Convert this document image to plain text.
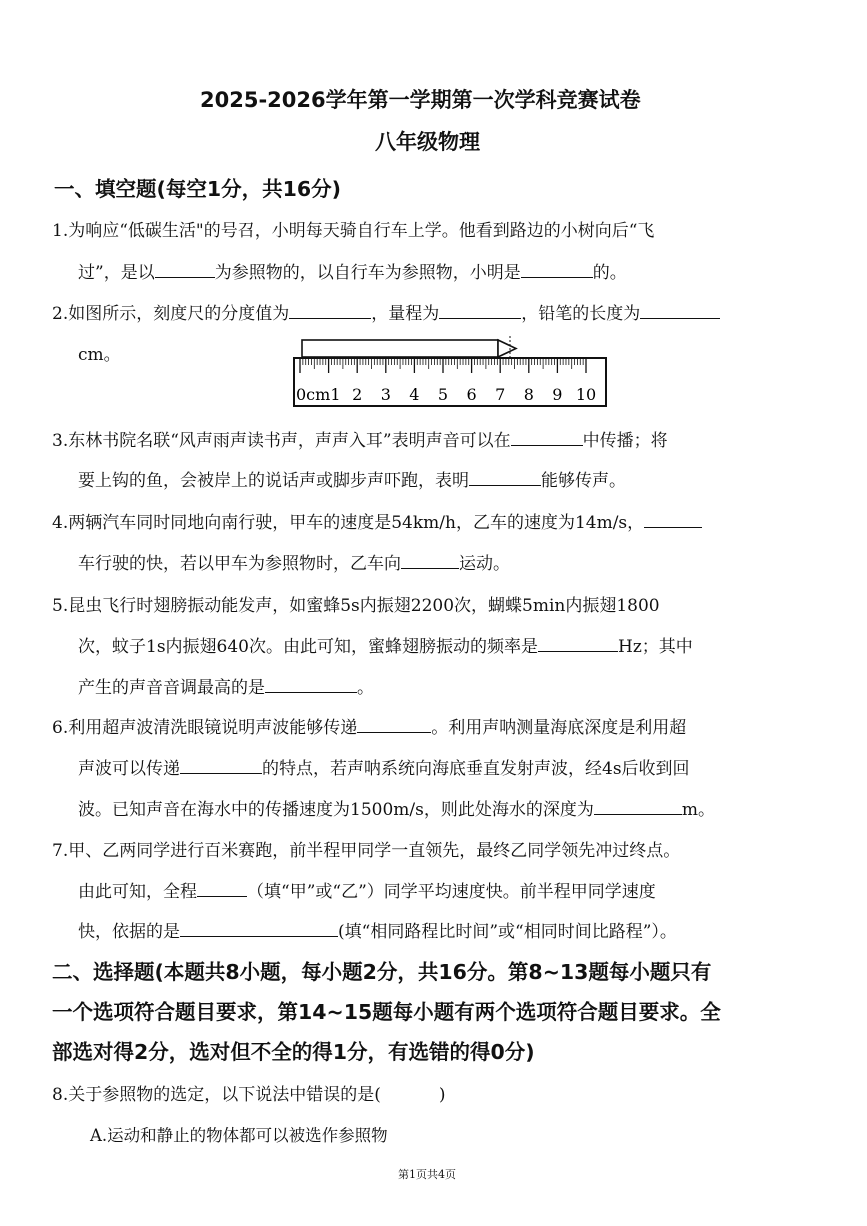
2025-2026学年第一学期第一次学科竞赛试卷
八年级物理
一、填空题(每空1分，共16分)
1.为响应“低碳生活"的号召，小明每天骑自行车上学。他看到路边的小树向后“飞
过”，是以	为参照物的，以自行车为参照物，小明是	的。
2.如图所示，刻度尺的分度值为	，量程为	，铅笔的长度为
cm。
0cm1 2 3 4 5 6 7 8 9 10
3.东林书院名联“风声雨声读书声，声声入耳”表明声音可以在	中传播；将
要上钩的鱼，会被岸上的说话声或脚步声吓跑，表明	能够传声。
4.两辆汽车同时同地向南行驶，甲车的速度是54km/h，乙车的速度为14m/s，
车行驶的快，若以甲车为参照物时，乙车向	运动。
5.昆虫飞行时翅膀振动能发声，如蜜蜂5s内振翅2200次，蝴蝶5min内振翅1800
次，蚊子1s内振翅640次。由此可知，蜜蜂翅膀振动的频率是	Hz；其中
产生的声音音调最高的是	。
6.利用超声波清洗眼镜说明声波能够传递	。利用声呐测量海底深度是利用超
声波可以传递	的特点，若声呐系统向海底垂直发射声波，经4s后收到回
波。已知声音在海水中的传播速度为1500m/s，则此处海水的深度为	m。
7.甲、乙两同学进行百米赛跑，前半程甲同学一直领先，最终乙同学领先冲过终点。
由此可知，全程	（填“甲”或“乙”）同学平均速度快。前半程甲同学速度
快，依据的是	(填“相同路程比时间”或“相同时间比路程”）。
二、选择题(本题共8小题，每小题2分，共16分。第8~13题每小题只有
一个选项符合题目要求，第14~15题每小题有两个选项符合题目要求。全
部选对得2分，选对但不全的得1分，有选错的得0分)
8.关于参照物的选定，以下说法中错误的是(	)
A.运动和静止的物体都可以被选作参照物
第1页共4页
